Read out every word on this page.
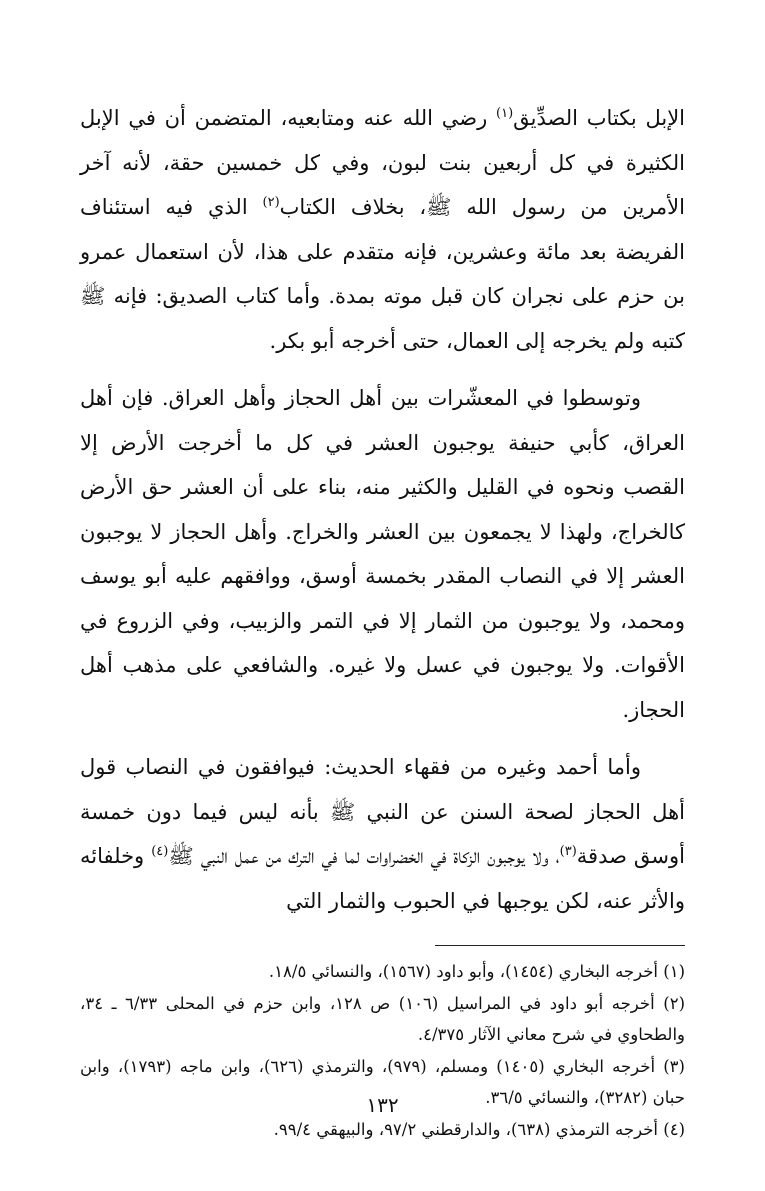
الإبل بكتاب الصدِّيق$^{(١)}$ رضي الله عنه ومتابعيه، المتضمن أن في الإبل الكثيرة في كل أربعين بنت لبون، وفي كل خمسين حقة، لأنه آخر الأمرين من رسول الله ﷺ، بخلاف الكتاب$^{(٢)}$ الذي فيه استئناف الفريضة بعد مائة وعشرين، فإنه متقدم على هذا، لأن استعمال عمرو بن حزم على نجران كان قبل موته بمدة. وأما كتاب الصديق: فإنه ﷺ كتبه ولم يخرجه إلى العمال، حتى أخرجه أبو بكر.

وتوسطوا في المعشّرات بين أهل الحجاز وأهل العراق. فإن أهل العراق، كأبي حنيفة يوجبون العشر في كل ما أخرجت الأرض إلا القصب ونحوه في القليل والكثير منه، بناء على أن العشر حق الأرض كالخراج، ولهذا لا يجمعون بين العشر والخراج. وأهل الحجاز لا يوجبون العشر إلا في النصاب المقدر بخمسة أوسق، ووافقهم عليه أبو يوسف ومحمد، ولا يوجبون من الثمار إلا في التمر والزبيب، وفي الزروع في الأقوات. ولا يوجبون في عسل ولا غيره. والشافعي على مذهب أهل الحجاز.

وأما أحمد وغيره من فقهاء الحديث: فيوافقون في النصاب قول أهل الحجاز لصحة السنن عن النبي ﷺ بأنه ليس فيما دون خمسة أوسق صدقة$^{(٣)}$، ولا يوجبون الزكاة في الخضراوات لما في الترك من عمل النبي ﷺ$^{(٤)}$ وخلفائه والأثر عنه، لكن يوجبها في الحبوب والثمار التي

(١) أخرجه البخاري (١٤٥٤)، وأبو داود (١٥٦٧)، والنسائي ١٨/٥.

(٢) أخرجه أبو داود في المراسيل (١٠٦) ص ١٢٨، وابن حزم في المحلى ٦/٣٣ ـ ٣٤، والطحاوي في شرح معاني الآثار ٤/٣٧٥.

(٣) أخرجه البخاري (١٤٠٥) ومسلم، (٩٧٩)، والترمذي (٦٢٦)، وابن ماجه (١٧٩٣)، وابن حبان (٣٢٨٢)، والنسائي ٣٦/٥.

(٤) أخرجه الترمذي (٦٣٨)، والدارقطني ٩٧/٢، والبيهقي ٩٩/٤.

١٣٢
